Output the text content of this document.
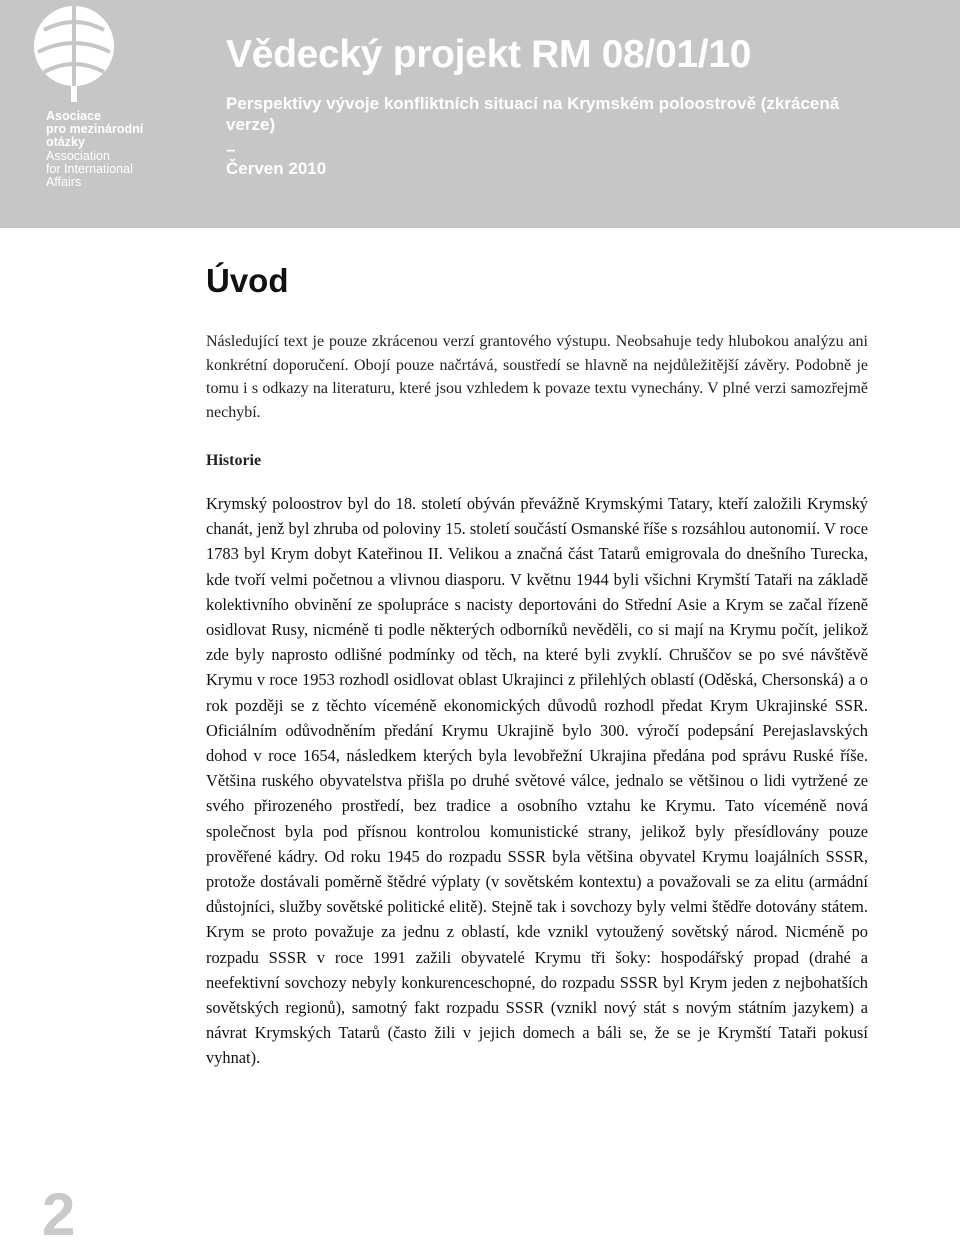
Asociace
pro mezinárodní
otázky
Association
for International
Affairs
Vědecký projekt RM 08/01/10
Perspektivy vývoje konfliktních situací na Krymském poloostrově (zkrácená verze)
–
Červen 2010
Úvod
Následující text je pouze zkrácenou verzí grantového výstupu. Neobsahuje tedy hlubokou analýzu ani konkrétní doporučení. Obojí pouze načrtává, soustředí se hlavně na nejdůležitější závěry. Podobně je tomu i s odkazy na literaturu, které jsou vzhledem k povaze textu vynechány. V plné verzi samozřejmě nechybí.
Historie
Krymský poloostrov byl do 18. století obýván převážně Krymskými Tatary, kteří založili Krymský chanát, jenž byl zhruba od poloviny 15. století součástí Osmanské říše s rozsáhlou autonomií. V roce 1783 byl Krym dobyt Kateřinou II. Velikou a značná část Tatarů emigrovala do dnešního Turecka, kde tvoří velmi početnou a vlivnou diasporu. V květnu 1944 byli všichni Krymští Tataři na základě kolektivního obvinění ze spolupráce s nacisty deportováni do Střední Asie a Krym se začal řízeně osidlovat Rusy, nicméně ti podle některých odborníků nevěděli, co si mají na Krymu počít, jelikož zde byly naprosto odlišné podmínky od těch, na které byli zvyklí. Chruščov se po své návštěvě Krymu v roce 1953 rozhodl osidlovat oblast Ukrajinci z přilehlých oblastí (Oděská, Chersonská) a o rok později se z těchto víceméně ekonomických důvodů rozhodl předat Krym Ukrajinské SSR. Oficiálním odůvodněním předání Krymu Ukrajině bylo 300. výročí podepsání Perejaslavských dohod v roce 1654, následkem kterých byla levobřežní Ukrajina předána pod správu Ruské říše. Většina ruského obyvatelstva přišla po druhé světové válce, jednalo se většinou o lidi vytržené ze svého přirozeného prostředí, bez tradice a osobního vztahu ke Krymu. Tato víceméně nová společnost byla pod přísnou kontrolou komunistické strany, jelikož byly přesídlovány pouze prověřené kádry. Od roku 1945 do rozpadu SSSR byla většina obyvatel Krymu loajálních SSSR, protože dostávali poměrně štědré výplaty (v sovětském kontextu) a považovali se za elitu (armádní důstojníci, služby sovětské politické elitě). Stejně tak i sovchozy byly velmi štědře dotovány státem. Krym se proto považuje za jednu z oblastí, kde vznikl vytoužený sovětský národ. Nicméně po rozpadu SSSR v roce 1991 zažili obyvatelé Krymu tři šoky: hospodářský propad (drahé a neefektivní sovchozy nebyly konkurenceschopné, do rozpadu SSSR byl Krym jeden z nejbohatších sovětských regionů), samotný fakt rozpadu SSSR (vznikl nový stát s novým státním jazykem) a návrat Krymských Tatarů (často žili v jejich domech a báli se, že se je Krymští Tataři pokusí vyhnat).
2
